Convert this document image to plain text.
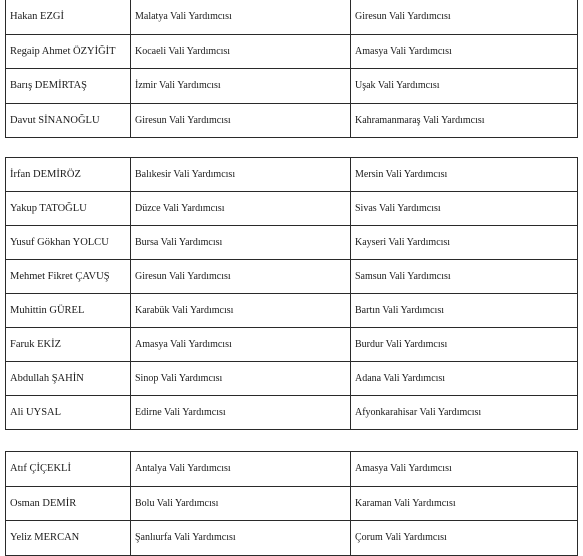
Hakan EZGİ	Malatya Vali Yardımcısı	Giresun Vali Yardımcısı
Regaip Ahmet ÖZYİĞİT	Kocaeli Vali Yardımcısı	Amasya Vali Yardımcısı
Barış DEMİRTAŞ	İzmir Vali Yardımcısı	Uşak Vali Yardımcısı
Davut SİNANOĞLU	Giresun Vali Yardımcısı	Kahramanmaraş Vali Yardımcısı
İrfan DEMİRÖZ	Balıkesir Vali Yardımcısı	Mersin Vali Yardımcısı
Yakup TATOĞLU	Düzce Vali Yardımcısı	Sivas Vali Yardımcısı
Yusuf Gökhan YOLCU	Bursa Vali Yardımcısı	Kayseri Vali Yardımcısı
Mehmet Fikret ÇAVUŞ	Giresun Vali Yardımcısı	Samsun Vali Yardımcısı
Muhittin GÜREL	Karabük Vali Yardımcısı	Bartın Vali Yardımcısı
Faruk EKİZ	Amasya Vali Yardımcısı	Burdur Vali Yardımcısı
Abdullah ŞAHİN	Sinop Vali Yardımcısı	Adana Vali Yardımcısı
Ali UYSAL	Edirne Vali Yardımcısı	Afyonkarahisar Vali Yardımcısı
Atıf ÇİÇEKLİ	Antalya Vali Yardımcısı	Amasya Vali Yardımcısı
Osman DEMİR	Bolu Vali Yardımcısı	Karaman Vali Yardımcısı
Yeliz MERCAN	Şanlıurfa Vali Yardımcısı	Çorum Vali Yardımcısı
